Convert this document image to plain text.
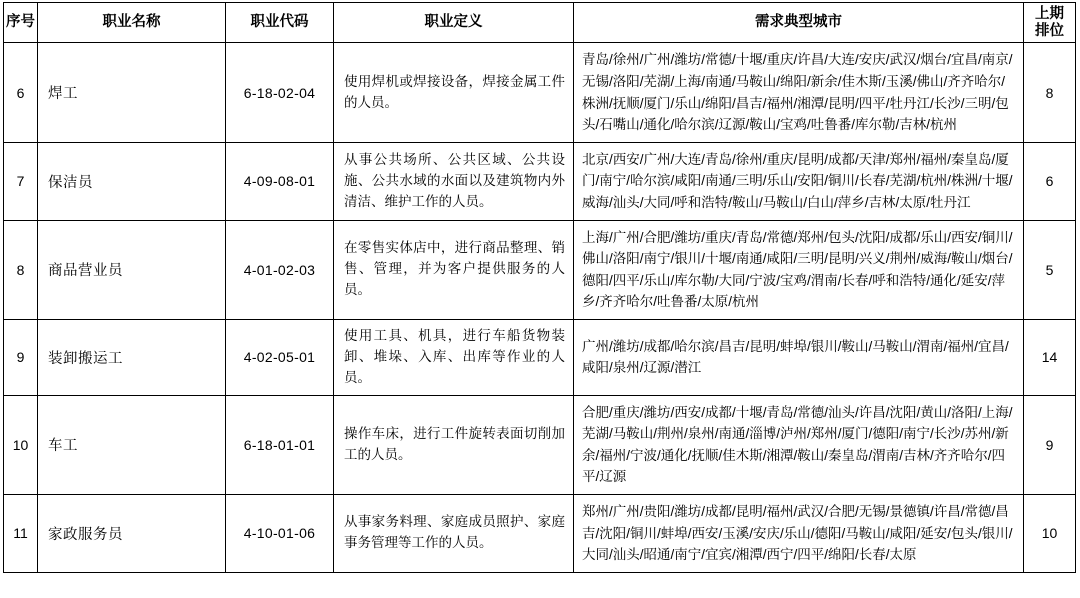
序号	职业名称	职业代码	职业定义	需求典型城市	上期
排位

6	焊工	6-18-02-04	使用焊机或焊接设备，焊接金属工件的人员。	青岛/徐州/广州/潍坊/常德/十堰/重庆/许昌/大连/安庆/武汉/烟台/宜昌/南京/无锡/洛阳/芜湖/上海/南通/马鞍山/绵阳/新余/佳木斯/玉溪/佛山/齐齐哈尔/株洲/抚顺/厦门/乐山/绵阳/昌吉/福州/湘潭/昆明/四平/牡丹江/长沙/三明/包头/石嘴山/通化/哈尔滨/辽源/鞍山/宝鸡/吐鲁番/库尔勒/吉林/杭州	8
7	保洁员	4-09-08-01	从事公共场所、公共区域、公共设施、公共水域的水面以及建筑物内外清洁、维护工作的人员。	北京/西安/广州/大连/青岛/徐州/重庆/昆明/成都/天津/郑州/福州/秦皇岛/厦门/南宁/哈尔滨/咸阳/南通/三明/乐山/安阳/铜川/长春/芜湖/杭州/株洲/十堰/威海/汕头/大同/呼和浩特/鞍山/马鞍山/白山/萍乡/吉林/太原/牡丹江	6
8	商品营业员	4-01-02-03	在零售实体店中，进行商品整理、销售、管理，并为客户提供服务的人员。	上海/广州/合肥/潍坊/重庆/青岛/常德/郑州/包头/沈阳/成都/乐山/西安/铜川/佛山/洛阳/南宁/银川/十堰/南通/咸阳/三明/昆明/兴义/荆州/威海/鞍山/烟台/德阳/四平/乐山/库尔勒/大同/宁波/宝鸡/渭南/长春/呼和浩特/通化/延安/萍乡/齐齐哈尔/吐鲁番/太原/杭州	5
9	装卸搬运工	4-02-05-01	使用工具、机具，进行车船货物装卸、堆垛、入库、出库等作业的人员。	广州/潍坊/成都/哈尔滨/昌吉/昆明/蚌埠/银川/鞍山/马鞍山/渭南/福州/宜昌/咸阳/泉州/辽源/潜江	14
10	车工	6-18-01-01	操作车床，进行工件旋转表面切削加工的人员。	合肥/重庆/潍坊/西安/成都/十堰/青岛/常德/汕头/许昌/沈阳/黄山/洛阳/上海/芜湖/马鞍山/荆州/泉州/南通/淄博/泸州/郑州/厦门/德阳/南宁/长沙/苏州/新余/福州/宁波/通化/抚顺/佳木斯/湘潭/鞍山/秦皇岛/渭南/吉林/齐齐哈尔/四平/辽源	9
11	家政服务员	4-10-01-06	从事家务料理、家庭成员照护、家庭事务管理等工作的人员。	郑州/广州/贵阳/潍坊/成都/昆明/福州/武汉/合肥/无锡/景德镇/许昌/常德/昌吉/沈阳/铜川/蚌埠/西安/玉溪/安庆/乐山/德阳/马鞍山/咸阳/延安/包头/银川/大同/汕头/昭通/南宁/宜宾/湘潭/西宁/四平/绵阳/长春/太原	10
